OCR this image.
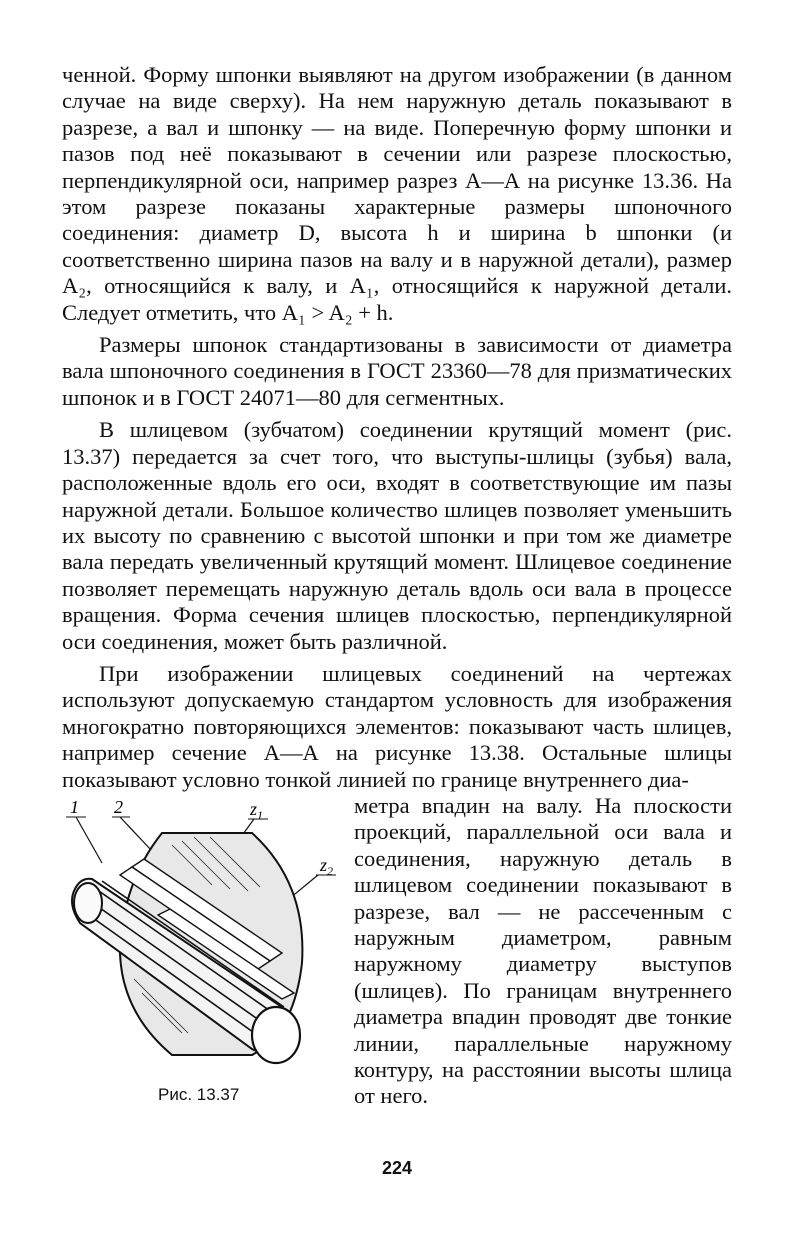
ченной. Форму шпонки выявляют на другом изображении (в данном случае на виде сверху). На нем наружную деталь показывают в разрезе, а вал и шпонку — на виде. Поперечную форму шпонки и пазов под неё показывают в сечении или разрезе плоскостью, перпендикулярной оси, например разрез А—А на рисунке 13.36. На этом разрезе показаны характерные размеры шпоночного соединения: диаметр D, высота h и ширина b шпонки (и соответственно ширина пазов на валу и в наружной детали), размер A₂, относящийся к валу, и A₁, относящийся к наружной детали. Следует отметить, что A₁ > A₂ + h.

Размеры шпонок стандартизованы в зависимости от диаметра вала шпоночного соединения в ГОСТ 23360—78 для призматических шпонок и в ГОСТ 24071—80 для сегментных.

В шлицевом (зубчатом) соединении крутящий момент (рис. 13.37) передается за счет того, что выступы-шлицы (зубья) вала, расположенные вдоль его оси, входят в соответствующие им пазы наружной детали. Большое количество шлицев позволяет уменьшить их высоту по сравнению с высотой шпонки и при том же диаметре вала передать увеличенный крутящий момент. Шлицевое соединение позволяет перемещать наружную деталь вдоль оси вала в процессе вращения. Форма сечения шлицев плоскостью, перпендикулярной оси соединения, может быть различной.

При изображении шлицевых соединений на чертежах используют допускаемую стандартом условность для изображения многократно повторяющихся элементов: показывают часть шлицев, например сечение А—А на рисунке 13.38. Остальные шлицы показывают условно тонкой линией по границе внутреннего диа-

1 2	$z_1$
$z_2$
Рис. 13.37

метра впадин на валу. На плоскости проекций, параллельной оси вала и соединения, наружную деталь в шлицевом соединении показывают в разрезе, вал — не рассеченным с наружным диаметром, равным наружному диаметру выступов (шлицев). По границам внутреннего диаметра впадин проводят две тонкие линии, параллельные наружному контуру, на расстоянии высоты шлица от него.

224
